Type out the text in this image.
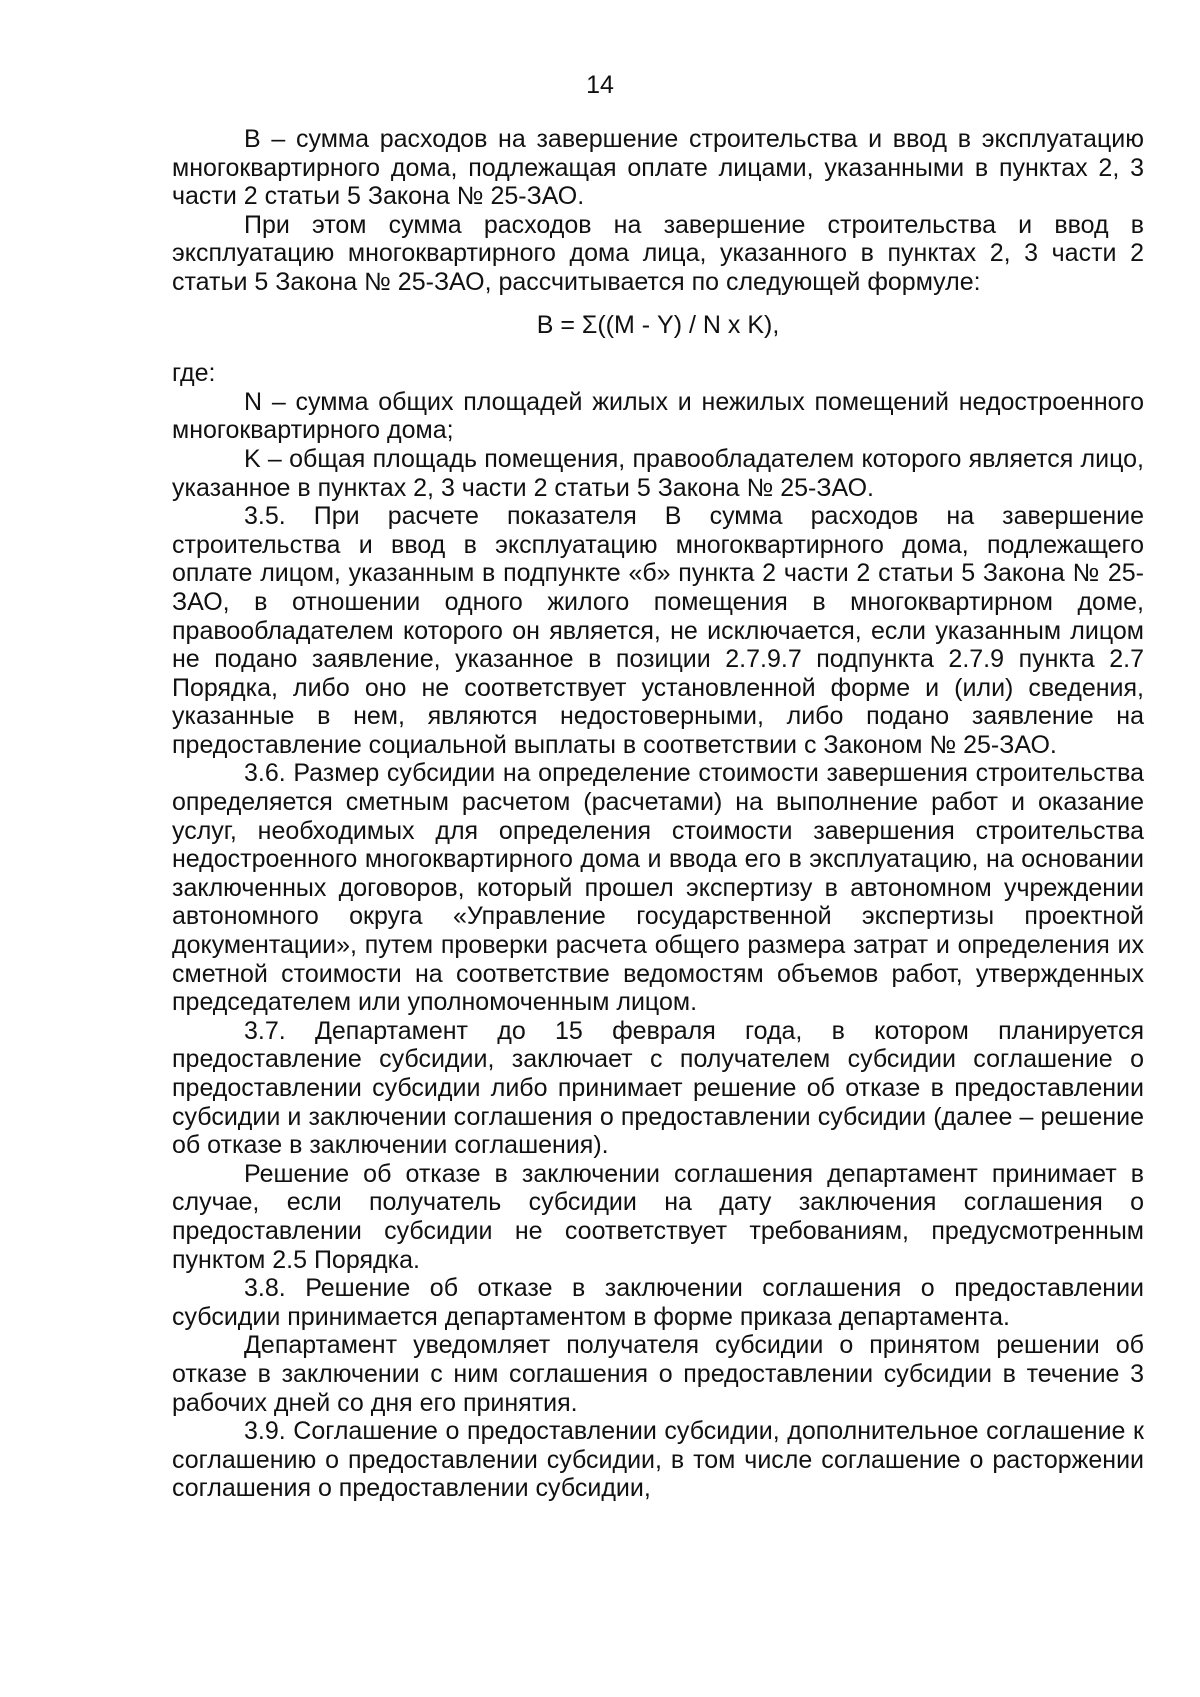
14

В – сумма расходов на завершение строительства и ввод в эксплуатацию многоквартирного дома, подлежащая оплате лицами, указанными в пунктах 2, 3 части 2 статьи 5 Закона № 25-ЗАО.

При этом сумма расходов на завершение строительства и ввод в эксплуатацию многоквартирного дома лица, указанного в пунктах 2, 3 части 2 статьи 5 Закона № 25-ЗАО, рассчитывается по следующей формуле:

В = Σ((М - Y) / N x K),

где:

N – сумма общих площадей жилых и нежилых помещений недостроенного многоквартирного дома;

K – общая площадь помещения, правообладателем которого является лицо, указанное в пунктах 2, 3 части 2 статьи 5 Закона № 25-ЗАО.

3.5. При расчете показателя В сумма расходов на завершение строительства и ввод в эксплуатацию многоквартирного дома, подлежащего оплате лицом, указанным в подпункте «б» пункта 2 части 2 статьи 5 Закона № 25-ЗАО, в отношении одного жилого помещения в многоквартирном доме, правообладателем которого он является, не исключается, если указанным лицом не подано заявление, указанное в позиции 2.7.9.7 подпункта 2.7.9 пункта 2.7 Порядка, либо оно не соответствует установленной форме и (или) сведения, указанные в нем, являются недостоверными, либо подано заявление на предоставление социальной выплаты в соответствии с Законом № 25-ЗАО.

3.6. Размер субсидии на определение стоимости завершения строительства определяется сметным расчетом (расчетами) на выполнение работ и оказание услуг, необходимых для определения стоимости завершения строительства недостроенного многоквартирного дома и ввода его в эксплуатацию, на основании заключенных договоров, который прошел экспертизу в автономном учреждении автономного округа «Управление государственной экспертизы проектной документации», путем проверки расчета общего размера затрат и определения их сметной стоимости на соответствие ведомостям объемов работ, утвержденных председателем или уполномоченным лицом.

3.7. Департамент до 15 февраля года, в котором планируется предоставление субсидии, заключает с получателем субсидии соглашение о предоставлении субсидии либо принимает решение об отказе в предоставлении субсидии и заключении соглашения о предоставлении субсидии (далее – решение об отказе в заключении соглашения).

Решение об отказе в заключении соглашения департамент принимает в случае, если получатель субсидии на дату заключения соглашения о предоставлении субсидии не соответствует требованиям, предусмотренным пунктом 2.5 Порядка.

3.8. Решение об отказе в заключении соглашения о предоставлении субсидии принимается департаментом в форме приказа департамента.

Департамент уведомляет получателя субсидии о принятом решении об отказе в заключении с ним соглашения о предоставлении субсидии в течение 3 рабочих дней со дня его принятия.

3.9. Соглашение о предоставлении субсидии, дополнительное соглашение к соглашению о предоставлении субсидии, в том числе соглашение о расторжении соглашения о предоставлении субсидии,
